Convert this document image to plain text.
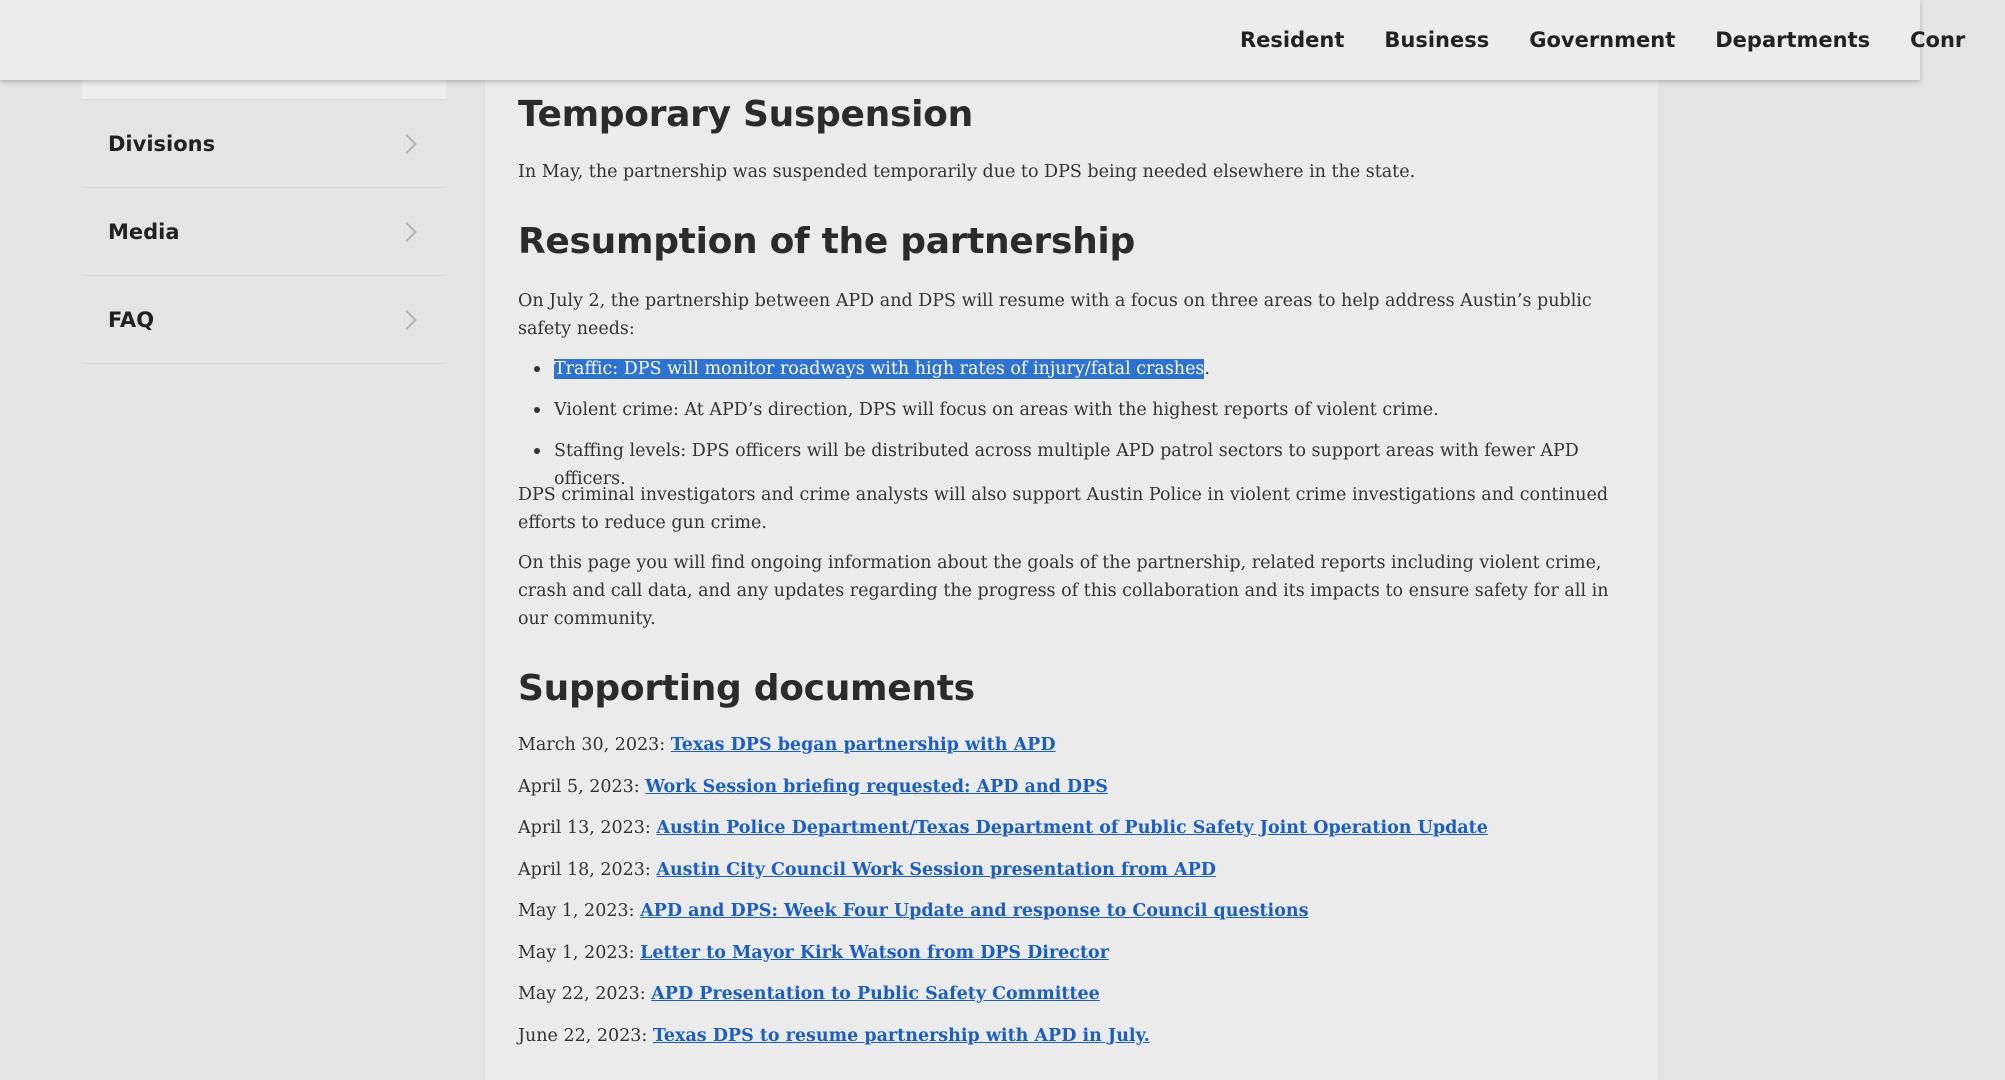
Resident Business Government Departments Conr
Divisions
Media
FAQ
Temporary Suspension

In May, the partnership was suspended temporarily due to DPS being needed elsewhere in the state.

Resumption of the partnership

On July 2, the partnership between APD and DPS will resume with a focus on three areas to help address Austin’s public safety needs:

Traffic: DPS will monitor roadways with high rates of injury/fatal crashes.
Violent crime: At APD’s direction, DPS will focus on areas with the highest reports of violent crime.
Staffing levels: DPS officers will be distributed across multiple APD patrol sectors to support areas with fewer APD officers.

DPS criminal investigators and crime analysts will also support Austin Police in violent crime investigations and continued efforts to reduce gun crime.

On this page you will find ongoing information about the goals of the partnership, related reports including violent crime, crash and call data, and any updates regarding the progress of this collaboration and its impacts to ensure safety for all in our community.

Supporting documents
March 30, 2023: Texas DPS began partnership with APD
April 5, 2023: Work Session briefing requested: APD and DPS
April 13, 2023: Austin Police Department/Texas Department of Public Safety Joint Operation Update
April 18, 2023: Austin City Council Work Session presentation from APD
May 1, 2023: APD and DPS: Week Four Update and response to Council questions
May 1, 2023: Letter to Mayor Kirk Watson from DPS Director
May 22, 2023: APD Presentation to Public Safety Committee
June 22, 2023: Texas DPS to resume partnership with APD in July.
